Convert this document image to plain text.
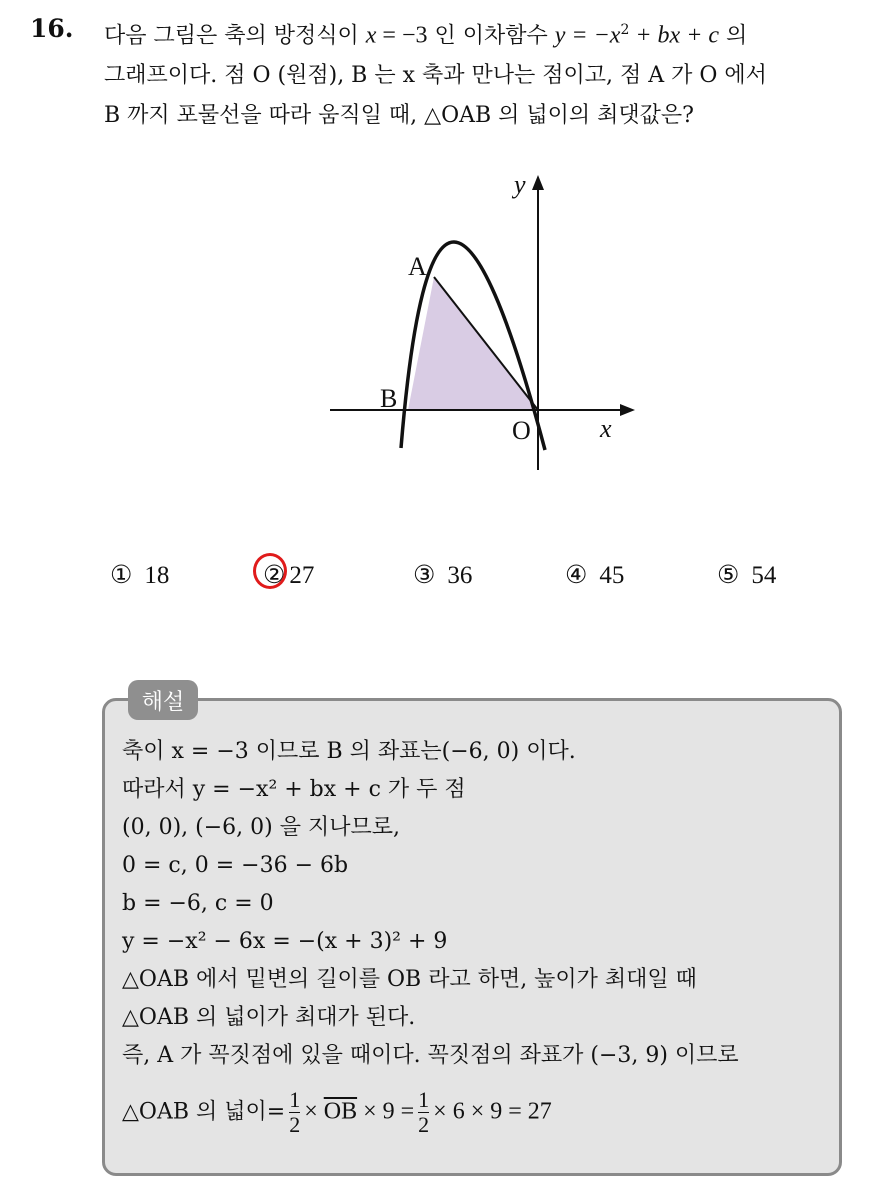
16. 다음 그림은 축의 방정식이 x = −3 인 이차함수 $y = -x^2$ + bx + c 의
그래프이다. 점 O (원점), B 는 x 축과 만나는 점이고, 점 A 가 O 에서
B 까지 포물선을 따라 움직일 때, △OAB 의 넓이의 최댓값은?
y
x
A
B
O
① 18	② 27	③ 36	④ 45	⑤ 54
해설
축이 x = −3 이므로 B 의 좌표는(−6, 0) 이다.
따라서 y = −x² + bx + c 가 두 점
(0, 0), (−6, 0) 을 지나므로,
0 = c, 0 = −36 − 6b
b = −6, c = 0
y = −x² − 6x = −(x + 3)² + 9
△OAB 에서 밑변의 길이를 OB 라고 하면, 높이가 최대일 때
△OAB 의 넓이가 최대가 된다.
즉, A 가 꼭짓점에 있을 때이다. 꼭짓점의 좌표가 (−3, 9) 이므로
△OAB 의 넓이= $\frac{1}{2} \times \overline{OB} \times 9 = \frac{1}{2} \times 6 \times 9 = 27$
